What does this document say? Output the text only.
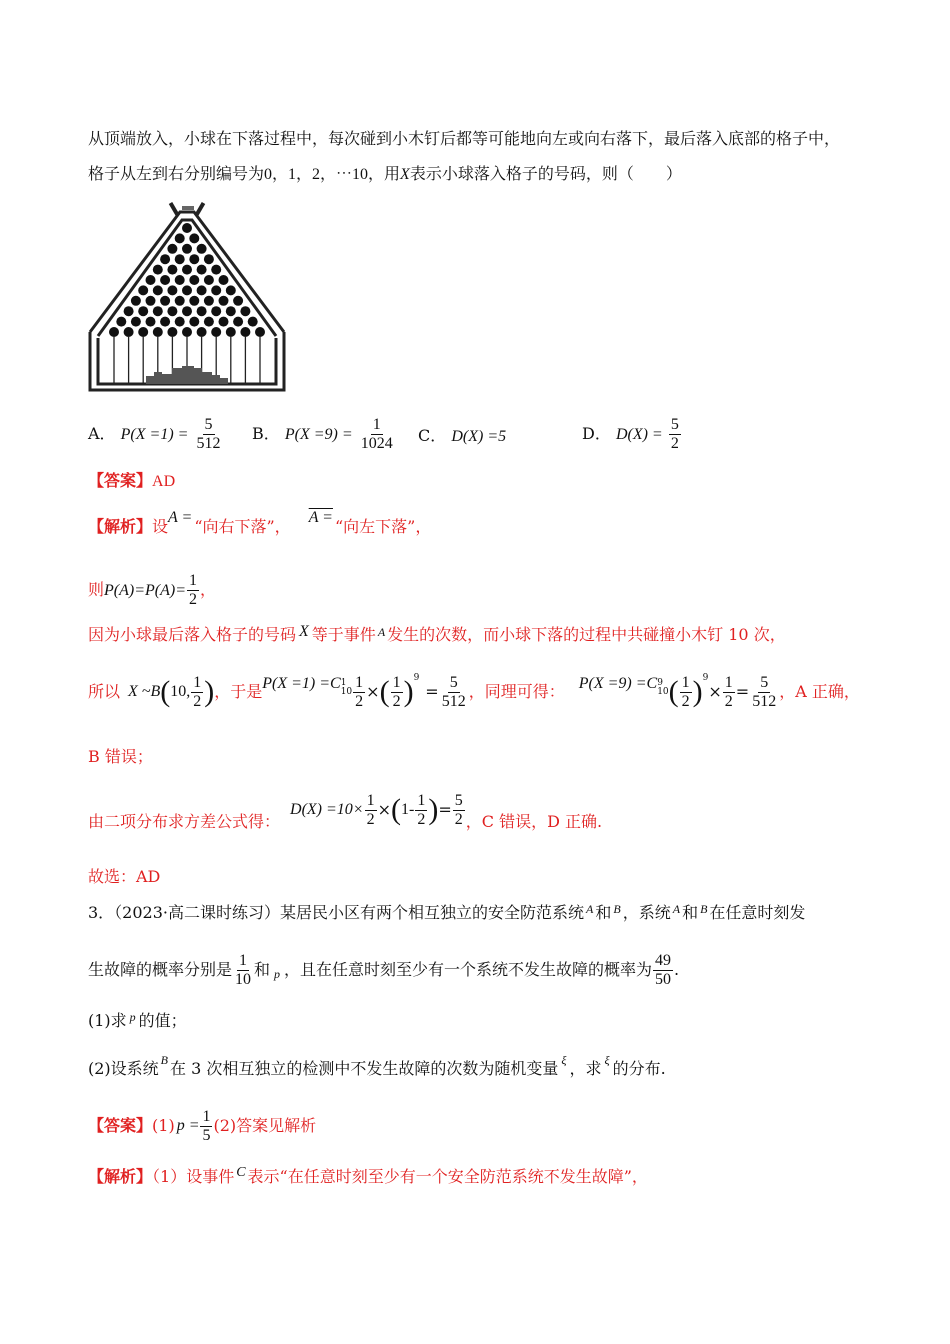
从顶端放入，小球在下落过程中，每次碰到小木钉后都等可能地向左或向右落下，最后落入底部的格子中，
格子从左到右分别编号为0，1，2，⋯10，用X表示小球落入格子的号码，则（　　）
A． $P(X =1) = \frac{5}{512}$ B． $P(X =9) = \frac{1}{1024}$ C． D(X) =5	D． $D(X) = \frac{5}{2}$
【答案】AD
【解析】设A = “向右下落”， A = “向左下落”，
则$P(A)=P(A)= \frac{1}{2}$ ，
因为小球最后落入格子的号码 X 等于事件 $^A$ 发生的次数，而小球下落的过程中共碰撞小木钉 10 次，
所以 X ~B ( 10, $\frac{1}{2}$ ) ，于是 P(X =1) =C 1
$10 \frac{1}{2}$ × ( $\frac{1}{2}$ ) 9
= $\frac{5}{512}$ ，同理可得： P(X =9) =C 9
10 ( $\frac{1}{2}$ ) 9
× $\frac{1}{2} = \frac{5}{512}$ ，A 正确，
B 错误；
由二项分布求方差公式得：
$D(X) =10\times \frac{1}{2}$ × ( $1- \frac{1}{2}$ ) = $\frac{5}{2}$ ，C 错误，D 正确.
故选：AD
3．（2023·高二课时练习）某居民小区有两个相互独立的安全防范系统 $^A$ 和 $^B$ ，系统 $^A$ 和 $^B$ 在任意时刻发
生故障的概率分别是 $\frac{1}{10}$ 和 p ，且在任意时刻至少有一个系统不发生故障的概率为 $\frac{49}{50}$ .
(1)求 $^p$ 的值；
(2)设系统 $^B$ 在 3 次相互独立的检测中不发生故障的次数为随机变量 $^\xi$ ，求 $^\xi$ 的分布.
【答案】 (1) $p = \frac{1}{5} (2)$答案见解析
【解析】（1）设事件 C 表示“在任意时刻至少有一个安全防范系统不发生故障”，
